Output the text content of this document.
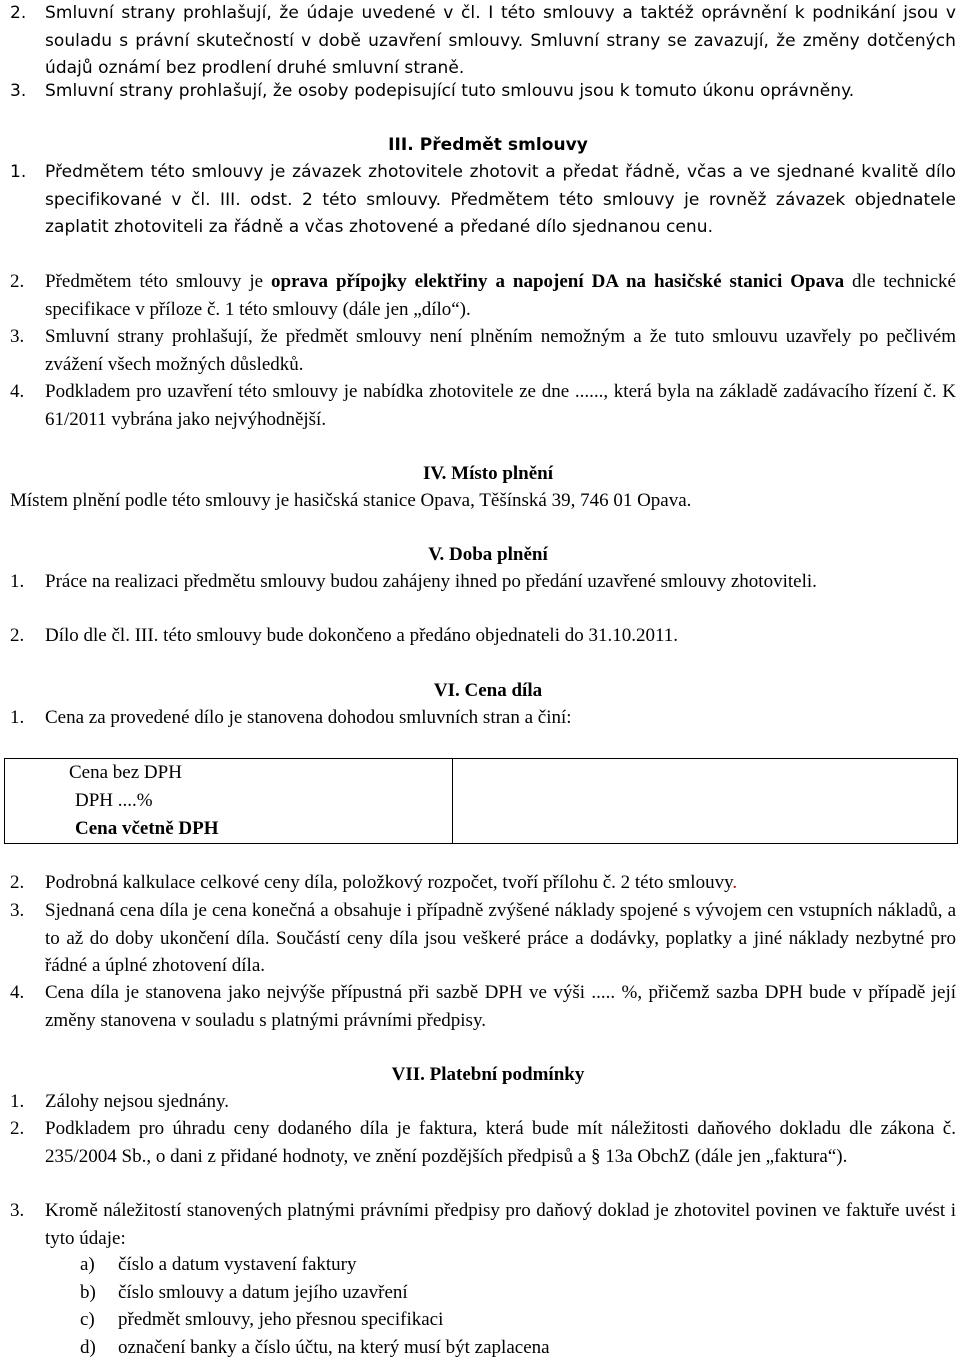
2.	Smluvní strany prohlašují, že údaje uvedené v čl. I této smlouvy a taktéž oprávnění k podnikání jsou v souladu s právní skutečností v době uzavření smlouvy. Smluvní strany se zavazují, že změny dotčených údajů oznámí bez prodlení druhé smluvní straně.
3.	Smluvní strany prohlašují, že osoby podepisující tuto smlouvu jsou k tomuto úkonu oprávněny.
III. Předmět smlouvy
1.	Předmětem této smlouvy je závazek zhotovitele zhotovit a předat řádně, včas a ve sjednané kvalitě dílo specifikované v čl. III. odst. 2 této smlouvy. Předmětem této smlouvy je rovněž závazek objednatele zaplatit zhotoviteli za řádně a včas zhotovené a předané dílo sjednanou cenu.
2.	Předmětem této smlouvy je oprava přípojky elektřiny a napojení DA na hasičské stanici Opava dle technické specifikace v příloze č. 1 této smlouvy (dále jen „dílo“).
3.	Smluvní strany prohlašují, že předmět smlouvy není plněním nemožným a že tuto smlouvu uzavřely po pečlivém zvážení všech možných důsledků.
4.	Podkladem pro uzavření této smlouvy je nabídka zhotovitele ze dne ......, která byla na základě zadávacího řízení č. K 61/2011 vybrána jako nejvýhodnější.
IV. Místo plnění
Místem plnění podle této smlouvy je hasičská stanice Opava, Těšínská 39, 746 01 Opava.
V. Doba plnění
1.	Práce na realizaci předmětu smlouvy budou zahájeny ihned po předání uzavřené smlouvy zhotoviteli.
2.	Dílo dle čl. III. této smlouvy bude dokončeno a předáno objednateli do 31.10.2011.
VI. Cena díla
1.	Cena za provedené dílo je stanovena dohodou smluvních stran a činí:
Cena bez DPH
DPH ....%
Cena včetně DPH

2.	Podrobná kalkulace celkové ceny díla, položkový rozpočet, tvoří přílohu č. 2 této smlouvy.
3.	Sjednaná cena díla je cena konečná a obsahuje i případně zvýšené náklady spojené s vývojem cen vstupních nákladů, a to až do doby ukončení díla. Součástí ceny díla jsou veškeré práce a dodávky, poplatky a jiné náklady nezbytné pro řádné a úplné zhotovení díla.
4.	Cena díla je stanovena jako nejvýše přípustná při sazbě DPH ve výši ..... %, přičemž sazba DPH bude v případě její změny stanovena v souladu s platnými právními předpisy.
VII. Platební podmínky
1.	Zálohy nejsou sjednány.
2.	Podkladem pro úhradu ceny dodaného díla je faktura, která bude mít náležitosti daňového dokladu dle zákona č. 235/2004 Sb., o dani z přidané hodnoty, ve znění pozdějších předpisů a § 13a ObchZ (dále jen „faktura“).
3.	Kromě náležitostí stanovených platnými právními předpisy pro daňový doklad je zhotovitel povinen ve faktuře uvést i tyto údaje:
a)	číslo a datum vystavení faktury
b)	číslo smlouvy a datum jejího uzavření
c)	předmět smlouvy, jeho přesnou specifikaci
d)	označení banky a číslo účtu, na který musí být zaplacena
